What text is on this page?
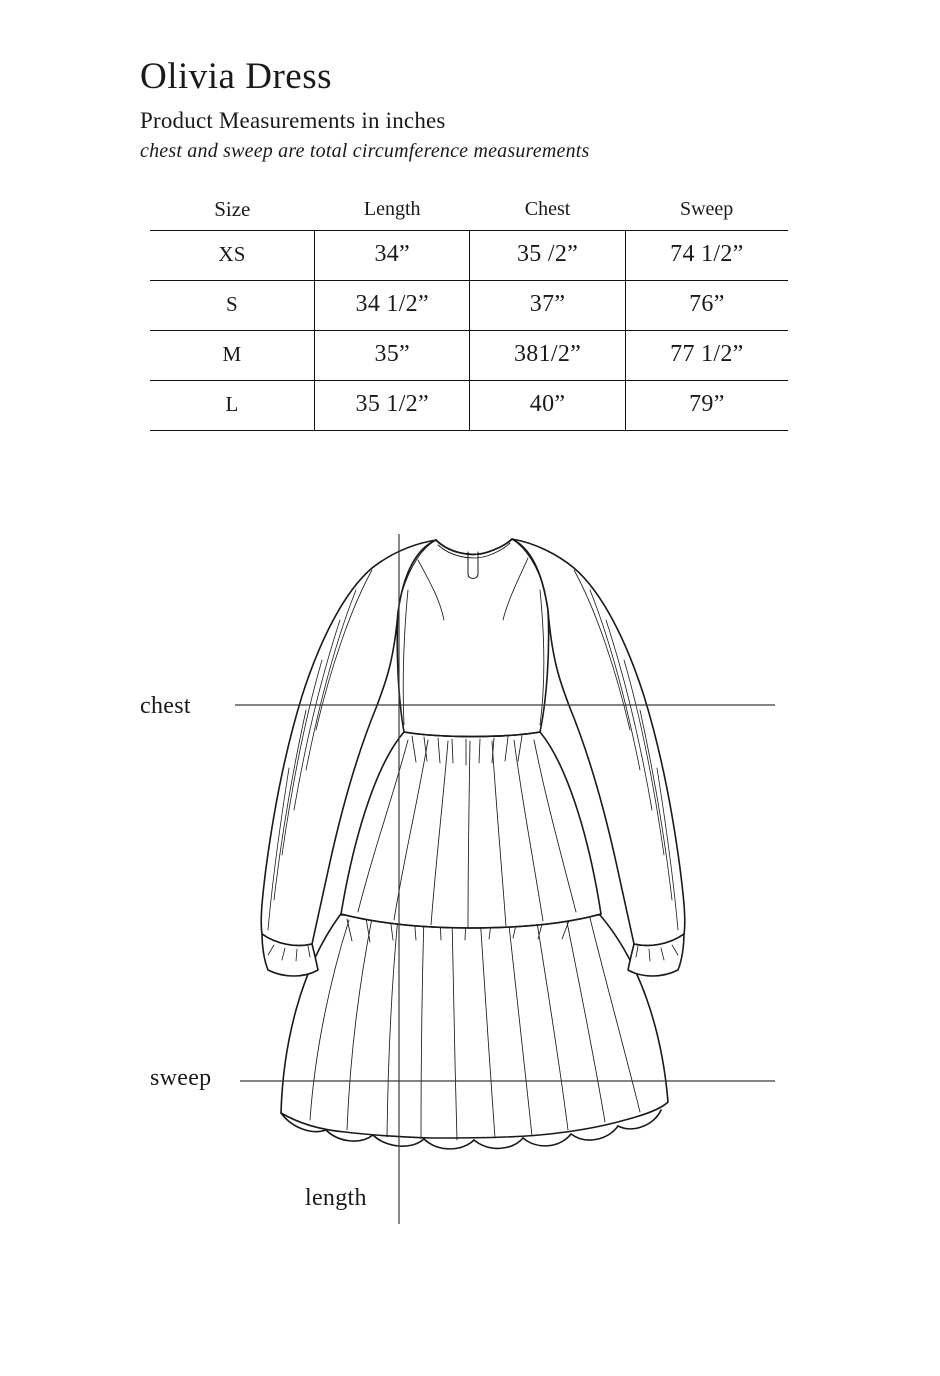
Olivia Dress

Product Measurements in inches

chest and sweep are total circumference measurements

Size	Length	Chest	Sweep
XS	34”	35 /2”	74 1/2”
S	34 1/2”	37”	76”
M	35”	381/2”	77 1/2”
L	35 1/2”	40”	79”
chest
sweep
length
